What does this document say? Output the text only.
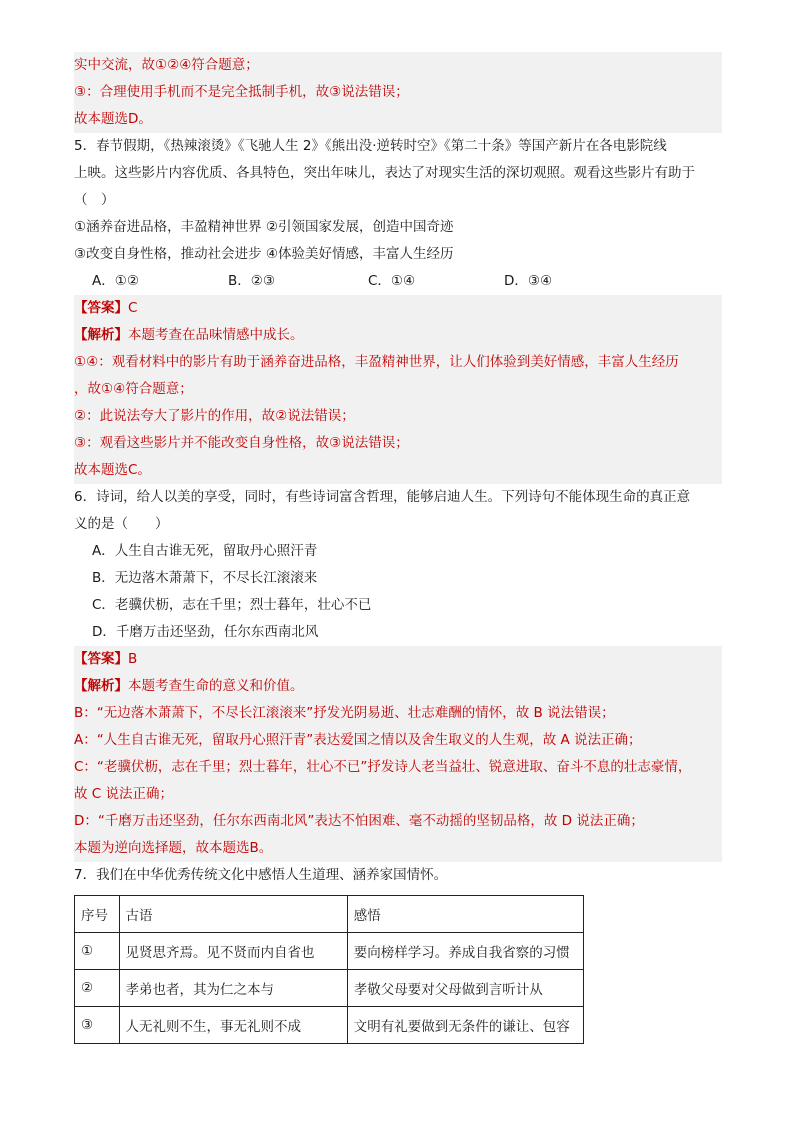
实中交流，故①②④符合题意；
③：合理使用手机而不是完全抵制手机，故③说法错误；
故本题选D。
5．春节假期，《热辣滚烫》《飞驰人生 2》《熊出没·逆转时空》《第二十条》等国产新片在各电影院线
上映。这些影片内容优质、各具特色，突出年味儿，表达了对现实生活的深切观照。观看这些影片有助于
（　）
①涵养奋进品格，丰盈精神世界 ②引领国家发展，创造中国奇迹
③改变自身性格，推动社会进步 ④体验美好情感，丰富人生经历
A．①②	B．②③	C．①④	D．③④
【答案】C
【解析】本题考查在品味情感中成长。
①④：观看材料中的影片有助于涵养奋进品格，丰盈精神世界，让人们体验到美好情感，丰富人生经历
，故①④符合题意；
②：此说法夸大了影片的作用，故②说法错误；
③：观看这些影片并不能改变自身性格，故③说法错误；
故本题选C。
6．诗词，给人以美的享受，同时，有些诗词富含哲理，能够启迪人生。下列诗句不能体现生命的真正意
义的是（　　）
A．人生自古谁无死，留取丹心照汗青
B．无边落木萧萧下，不尽长江滚滚来
C．老骥伏枥，志在千里；烈士暮年，壮心不已
D．千磨万击还坚劲，任尔东西南北风
【答案】B
【解析】本题考查生命的意义和价值。
B：“无边落木萧萧下，不尽长江滚滚来”抒发光阴易逝、壮志难酬的情怀，故 B 说法错误；
A：“人生自古谁无死，留取丹心照汗青”表达爱国之情以及舍生取义的人生观，故 A 说法正确；
C：“老骥伏枥，志在千里；烈士暮年，壮心不已”抒发诗人老当益壮、锐意进取、奋斗不息的壮志豪情，
故 C 说法正确；
D：“千磨万击还坚劲，任尔东西南北风”表达不怕困难、毫不动摇的坚韧品格，故 D 说法正确；
本题为逆向选择题，故本题选B。
7．我们在中华优秀传统文化中感悟人生道理、涵养家国情怀。
序号	古语	感悟
①	见贤思齐焉。见不贤而内自省也	要向榜样学习。养成自我省察的习惯
②	孝弟也者，其为仁之本与	孝敬父母要对父母做到言听计从
③	人无礼则不生，事无礼则不成	文明有礼要做到无条件的谦让、包容
